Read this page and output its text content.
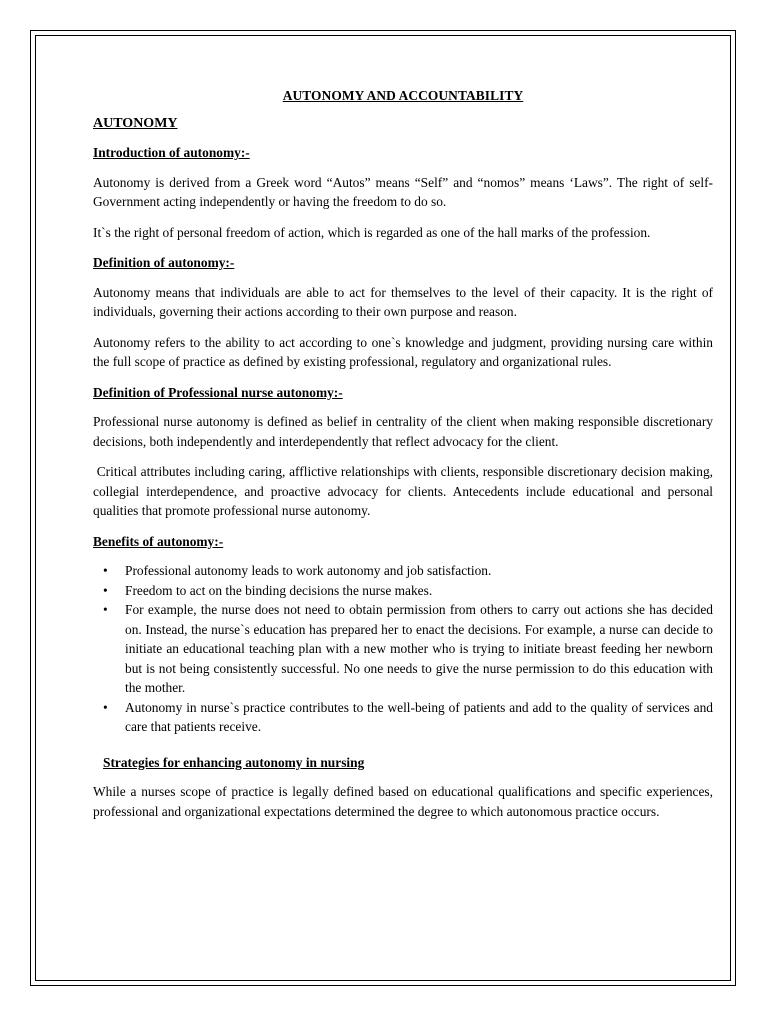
AUTONOMY AND ACCOUNTABILITY
AUTONOMY
Introduction of autonomy:-

Autonomy is derived from a Greek word “Autos” means “Self” and “nomos” means ‘Laws”. The right of self-Government acting independently or having the freedom to do so.

It`s the right of personal freedom of action, which is regarded as one of the hall marks of the profession.

Definition of autonomy:-

Autonomy means that individuals are able to act for themselves to the level of their capacity. It is the right of individuals, governing their actions according to their own purpose and reason.

Autonomy refers to the ability to act according to one`s knowledge and judgment, providing nursing care within the full scope of practice as defined by existing professional, regulatory and organizational rules.

Definition of Professional nurse autonomy:-

Professional nurse autonomy is defined as belief in centrality of the client when making responsible discretionary decisions, both independently and interdependently that reflect advocacy for the client.

Critical attributes including caring, afflictive relationships with clients, responsible discretionary decision making, collegial interdependence, and proactive advocacy for clients. Antecedents include educational and personal qualities that promote professional nurse autonomy.

Benefits of autonomy:-
• Professional autonomy leads to work autonomy and job satisfaction.
• Freedom to act on the binding decisions the nurse makes.
• For example, the nurse does not need to obtain permission from others to carry out actions she has decided on. Instead, the nurse`s education has prepared her to enact the decisions. For example, a nurse can decide to initiate an educational teaching plan with a new mother who is trying to initiate breast feeding her newborn but is not being consistently successful. No one needs to give the nurse permission to do this education with the mother.
• Autonomy in nurse`s practice contributes to the well-being of patients and add to the quality of services and care that patients receive.
Strategies for enhancing autonomy in nursing

While a nurses scope of practice is legally defined based on educational qualifications and specific experiences, professional and organizational expectations determined the degree to which autonomous practice occurs.
